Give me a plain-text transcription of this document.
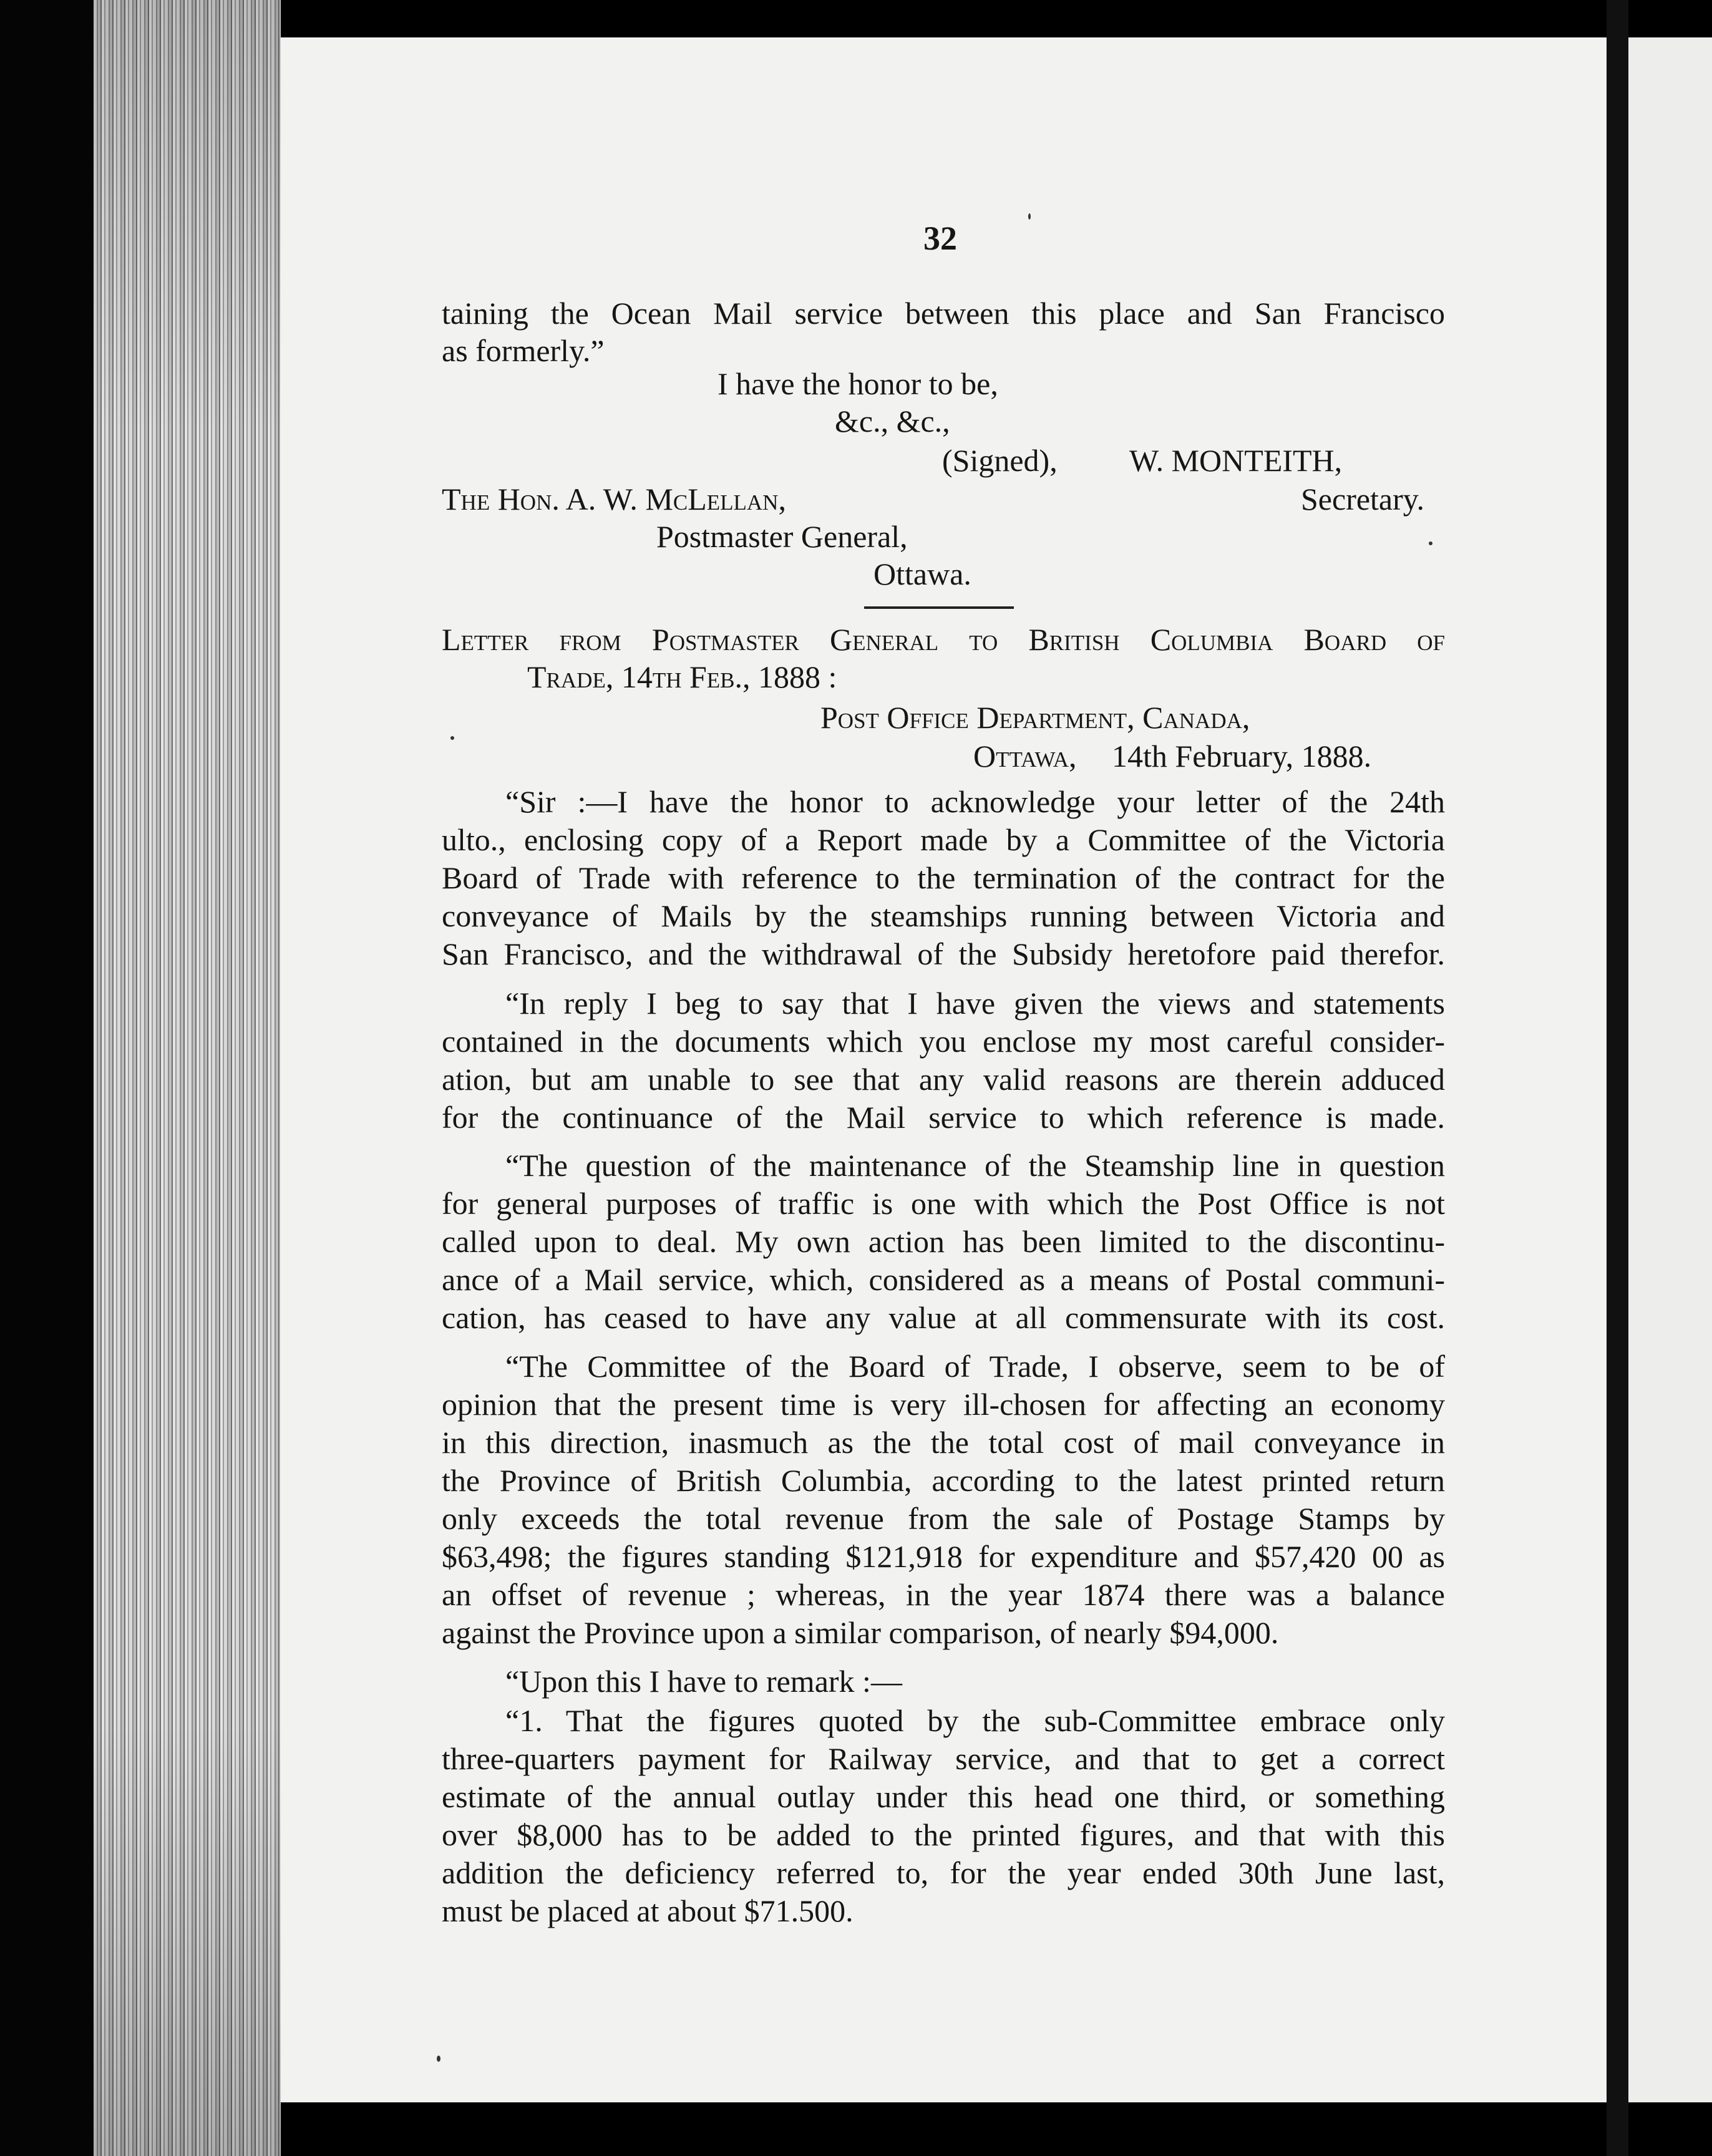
32
taining the Ocean Mail service between this place and San Francisco
as formerly.”
I have the honor to be,
&c., &c.,
(Signed), W. MONTEITH,
The Hon. A. W. McLellan,	Secretary.
Postmaster General,
Ottawa.
Letter from Postmaster General to British Columbia Board of
Trade, 14th Feb., 1888 :
Post Office Department, Canada,
Ottawa, 14th February, 1888.
“Sir :—I have the honor to acknowledge your letter of the 24th
ulto., enclosing copy of a Report made by a Committee of the Victoria
Board of Trade with reference to the termination of the contract for the
conveyance of Mails by the steamships running between Victoria and
San Francisco, and the withdrawal of the Subsidy heretofore paid therefor.
“In reply I beg to say that I have given the views and statements
contained in the documents which you enclose my most careful consider-
ation, but am unable to see that any valid reasons are therein adduced
for the continuance of the Mail service to which reference is made.
“The question of the maintenance of the Steamship line in question
for general purposes of traffic is one with which the Post Office is not
called upon to deal. My own action has been limited to the discontinu-
ance of a Mail service, which, considered as a means of Postal communi-
cation, has ceased to have any value at all commensurate with its cost.
“The Committee of the Board of Trade, I observe, seem to be of
opinion that the present time is very ill-chosen for affecting an economy
in this direction, inasmuch as the the total cost of mail conveyance in
the Province of British Columbia, according to the latest printed return
only exceeds the total revenue from the sale of Postage Stamps by
$63,498; the figures standing $121,918 for expenditure and $57,420 00 as
an offset of revenue ; whereas, in the year 1874 there was a balance
against the Province upon a similar comparison, of nearly $94,000.
“Upon this I have to remark :—
“1. That the figures quoted by the sub-Committee embrace only
three-quarters payment for Railway service, and that to get a correct
estimate of the annual outlay under this head one third, or something
over $8,000 has to be added to the printed figures, and that with this
addition the deficiency referred to, for the year ended 30th June last,
must be placed at about $71.500.
